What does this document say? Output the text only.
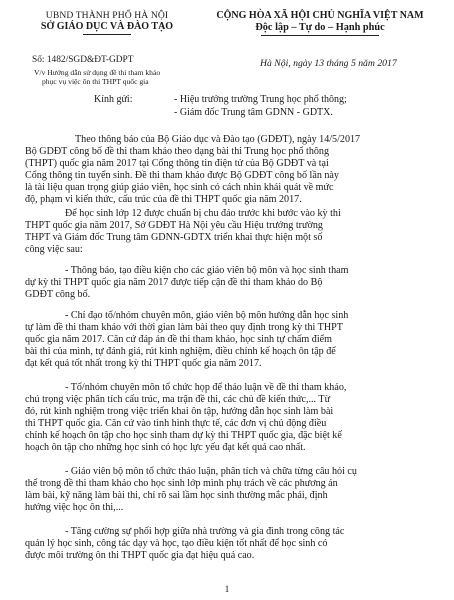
UBND THÀNH PHỐ HÀ NỘI
SỞ GIÁO DỤC VÀ ĐÀO TẠO
CỘNG HÒA XÃ HỘI CHỦ NGHĨA VIỆT NAM
Độc lập – Tự do – Hạnh phúc
Số: 1482/SGD&ĐT-GDPT
V/v Hướng dẫn sử dụng đề thi tham khảo
phục vụ việc ôn thi THPT quốc gia
Hà Nội, ngày 13 tháng 5 năm 2017
Kính gửi:	- Hiệu trưởng trường Trung học phổ thông;
- Giám đốc Trung tâm GDNN - GDTX.

Theo thông báo của Bộ Giáo dục và Đào tạo (GDĐT), ngày 14/5/2017
Bộ GDĐT công bố đề thi tham khảo theo dạng bài thi Trung học phổ thông
(THPT) quốc gia năm 2017 tại Cổng thông tin điện tử của Bộ GDĐT và tại
Cổng thông tin tuyển sinh. Đề thi tham khảo được Bộ GDĐT công bố lần này
là tài liệu quan trọng giúp giáo viên, học sinh có cách nhìn khái quát về mức
độ, phạm vi kiến thức, cấu trúc của đề thi THPT quốc gia năm 2017.

Để học sinh lớp 12 được chuẩn bị chu đáo trước khi bước vào kỳ thi
THPT quốc gia năm 2017, Sở GDĐT Hà Nội yêu cầu Hiệu trưởng trường
THPT và Giám đốc Trung tâm GDNN-GDTX triển khai thực hiện một số
công việc sau:

- Thông báo, tạo điều kiện cho các giáo viên bộ môn và học sinh tham
dự kỳ thi THPT quốc gia năm 2017 được tiếp cận đề thi tham khảo do Bộ
GDĐT công bố.

- Chỉ đạo tổ/nhóm chuyên môn, giáo viên bộ môn hướng dẫn học sinh
tự làm đề thi tham khảo với thời gian làm bài theo quy định trong kỳ thi THPT
quốc gia năm 2017. Căn cứ đáp án đề thi tham khảo, học sinh tự chấm điểm
bài thi của mình, tự đánh giá, rút kinh nghiệm, điều chỉnh kế hoạch ôn tập để
đạt kết quả tốt nhất trong kỳ thi THPT quốc gia năm 2017.

- Tổ/nhóm chuyên môn tổ chức họp để thảo luận về đề thi tham khảo,
chú trọng việc phân tích cấu trúc, ma trận đề thi, các chủ đề kiến thức,... Từ
đó, rút kinh nghiệm trong việc triển khai ôn tập, hướng dẫn học sinh làm bài
thi THPT quốc gia. Căn cứ vào tình hình thực tế, các đơn vị chủ động điều
chỉnh kế hoạch ôn tập cho học sinh tham dự kỳ thi THPT quốc gia, đặc biệt kế
hoạch ôn tập cho những học sinh có học lực yếu đạt kết quả cao nhất.

- Giáo viên bộ môn tổ chức thảo luận, phân tích và chữa từng câu hỏi cụ
thể trong đề thi tham khảo cho học sinh lớp mình phụ trách về các phương án
làm bài, kỹ năng làm bài thi, chỉ rõ sai lầm học sinh thường mắc phải, định
hướng việc học ôn thi,...

- Tăng cường sự phối hợp giữa nhà trường và gia đình trong công tác
quản lý học sinh, công tác dạy và học, tạo điều kiện tốt nhất để học sinh có
được môi trường ôn thi THPT quốc gia đạt hiệu quả cao.

1
